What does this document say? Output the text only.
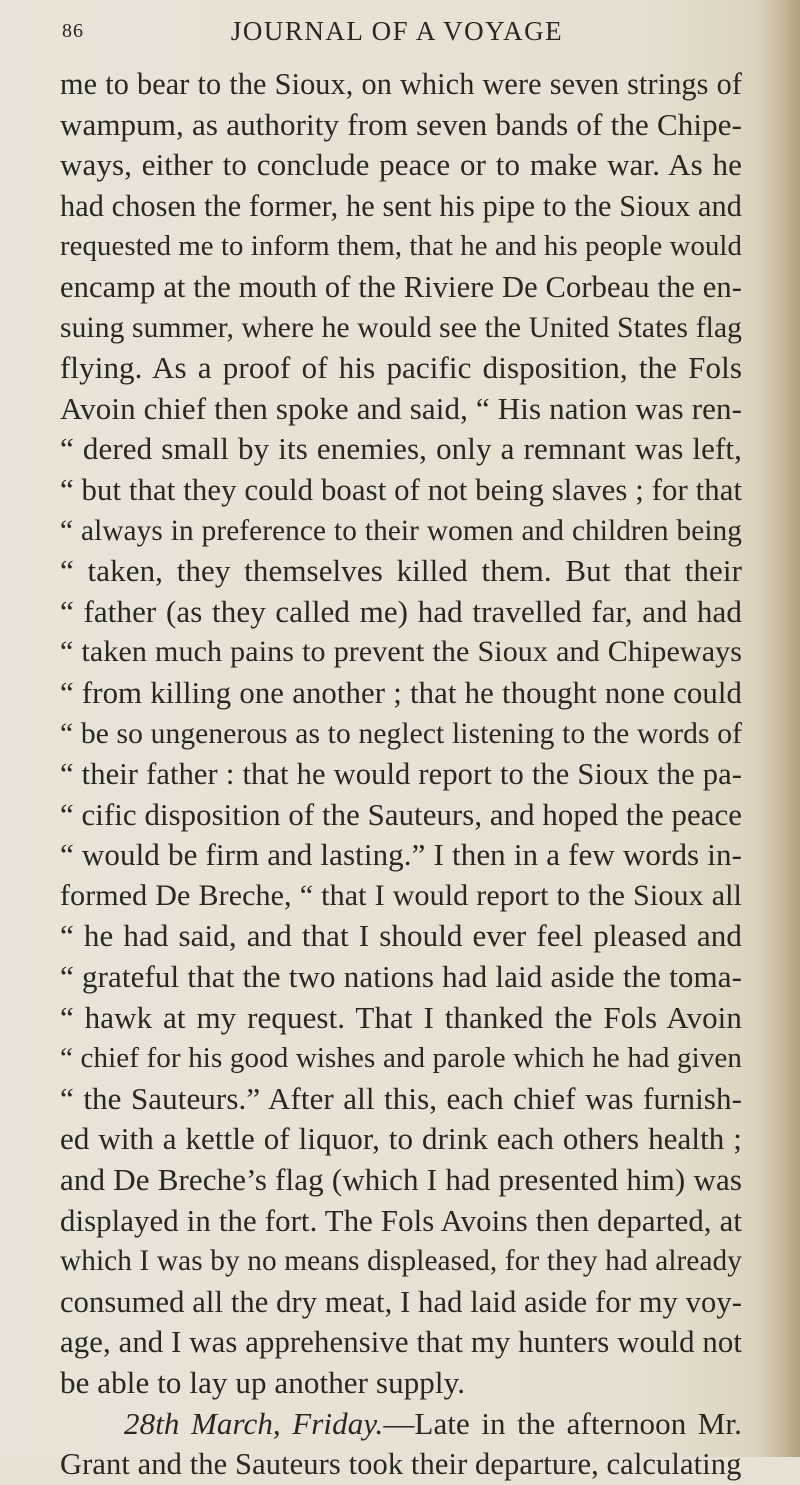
86	JOURNAL OF A VOYAGE
me to bear to the Sioux, on which were seven strings of
wampum, as authority from seven bands of the Chipe-
ways, either to conclude peace or to make war. As he
had chosen the former, he sent his pipe to the Sioux and
requested me to inform them, that he and his people would
encamp at the mouth of the Riviere De Corbeau the en-
suing summer, where he would see the United States flag
flying. As a proof of his pacific disposition, the Fols
Avoin chief then spoke and said, “ His nation was ren-
“ dered small by its enemies, only a remnant was left,
“ but that they could boast of not being slaves ; for that
“ always in preference to their women and children being
“ taken, they themselves killed them. But that their
“ father (as they called me) had travelled far, and had
“ taken much pains to prevent the Sioux and Chipeways
“ from killing one another ; that he thought none could
“ be so ungenerous as to neglect listening to the words of
“ their father : that he would report to the Sioux the pa-
“ cific disposition of the Sauteurs, and hoped the peace
“ would be firm and lasting.” I then in a few words in-
formed De Breche, “ that I would report to the Sioux all
“ he had said, and that I should ever feel pleased and
“ grateful that the two nations had laid aside the toma-
“ hawk at my request. That I thanked the Fols Avoin
“ chief for his good wishes and parole which he had given
“ the Sauteurs.” After all this, each chief was furnish-
ed with a kettle of liquor, to drink each others health ;
and De Breche’s flag (which I had presented him) was
displayed in the fort. The Fols Avoins then departed, at
which I was by no means displeased, for they had already
consumed all the dry meat, I had laid aside for my voy-
age, and I was apprehensive that my hunters would not
be able to lay up another supply.
28th March, Friday.—Late in the afternoon Mr.
Grant and the Sauteurs took their departure, calculating
